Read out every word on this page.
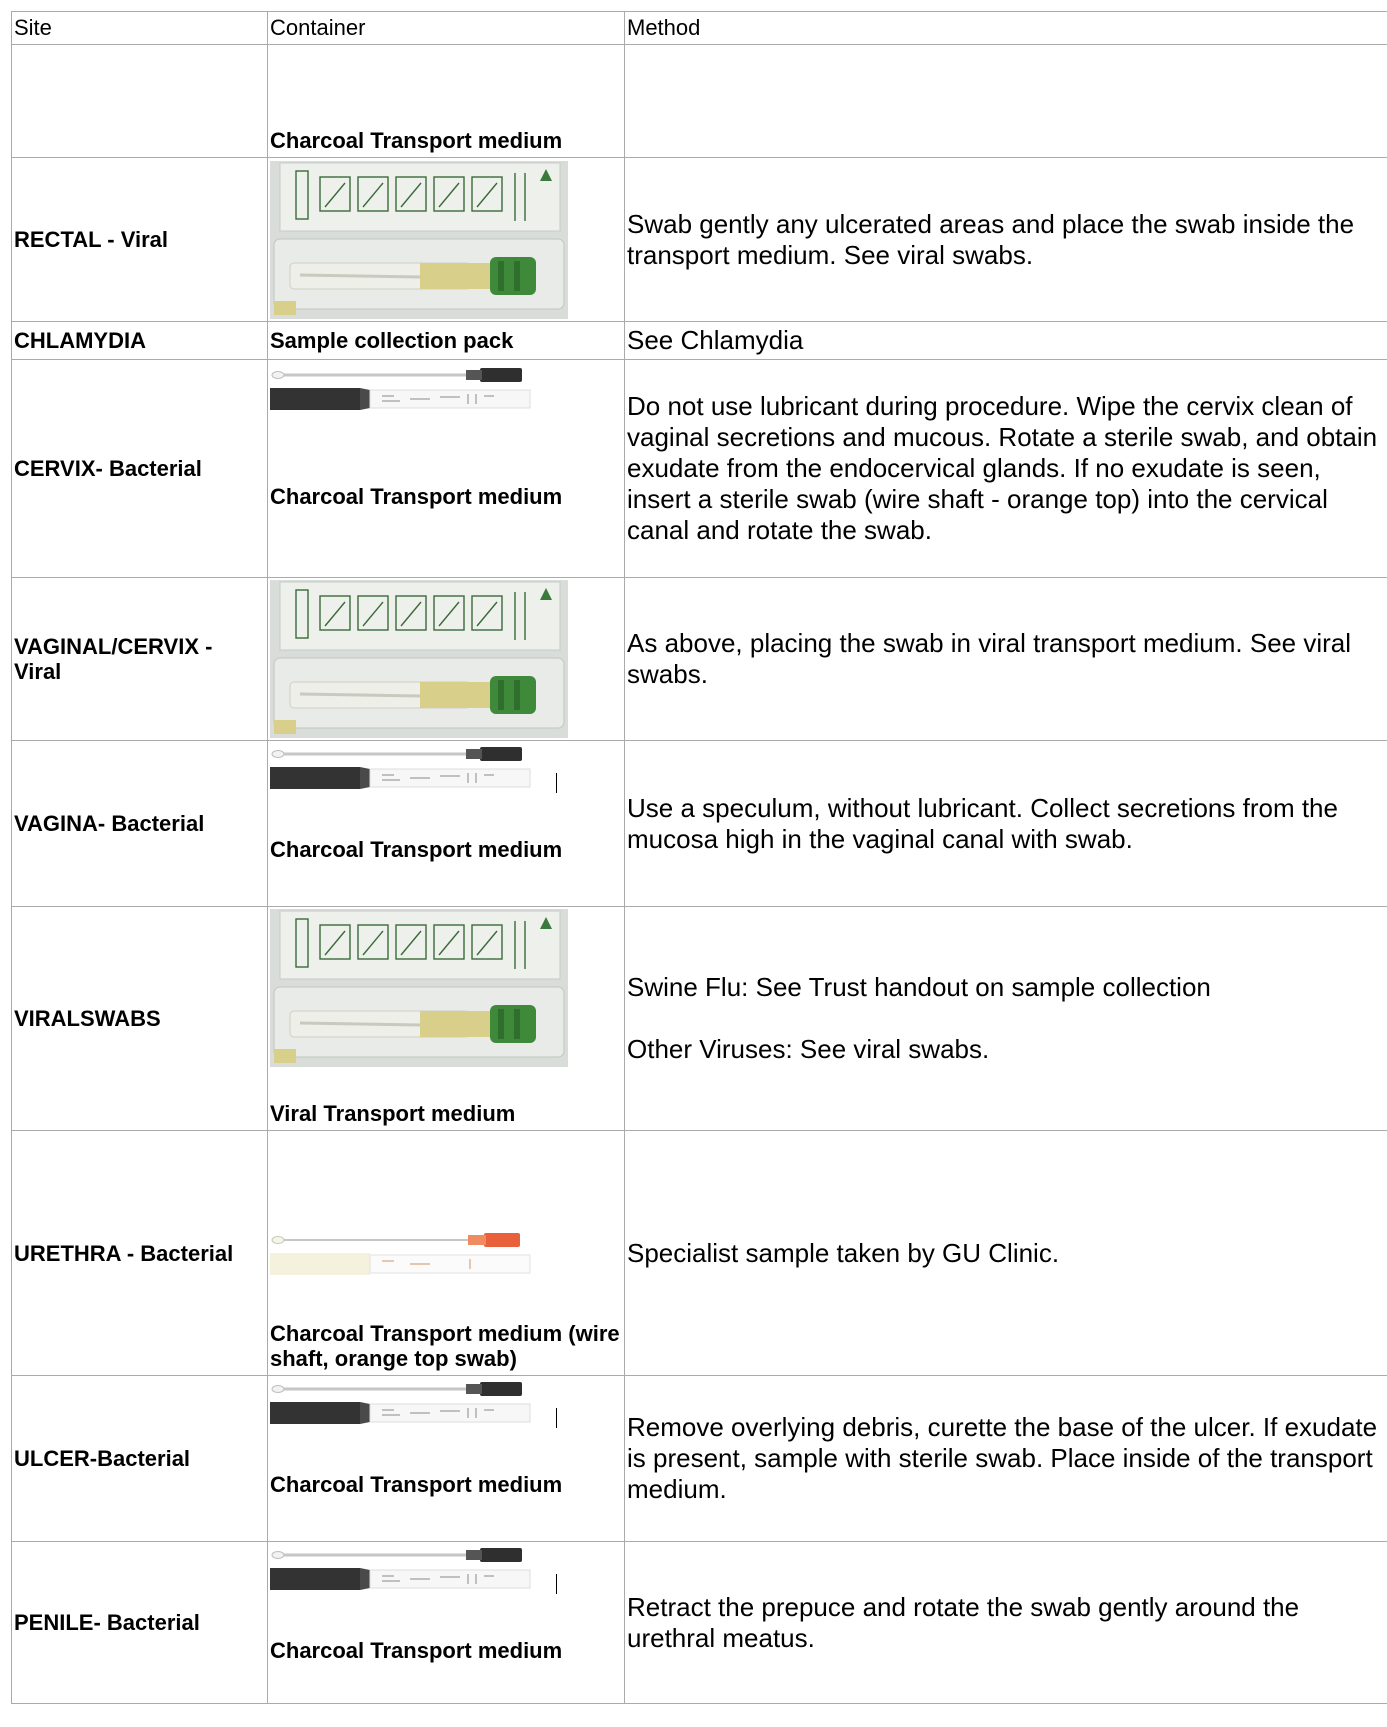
Site	Container	Method

	Charcoal Transport medium	

RECTAL - Viral		Swab gently any ulcerated areas and place the swab inside the transport medium. See viral swabs.

CHLAMYDIA	Sample collection pack	See Chlamydia

CERVIX- Bacterial	Charcoal Transport medium	Do not use lubricant during procedure. Wipe the cervix clean of vaginal secretions and mucous. Rotate a sterile swab, and obtain exudate from the endocervical glands. If no exudate is seen, insert a sterile swab (wire shaft - orange top) into the cervical canal and rotate the swab.

VAGINAL/CERVIX - Viral		As above, placing the swab in viral transport medium. See viral swabs.

VAGINA- Bacterial	Charcoal Transport medium	Use a speculum, without lubricant. Collect secretions from the mucosa high in the vaginal canal with swab.

VIRALSWABS	Viral Transport medium	Swine Flu: See Trust handout on sample collection
Other Viruses: See viral swabs.

URETHRA - Bacterial	Charcoal Transport medium (wire shaft, orange top swab)	Specialist sample taken by GU Clinic.

ULCER-Bacterial	Charcoal Transport medium	Remove overlying debris, curette the base of the ulcer. If exudate is present, sample with sterile swab. Place inside of the transport medium.

PENILE- Bacterial	Charcoal Transport medium	Retract the prepuce and rotate the swab gently around the urethral meatus.
